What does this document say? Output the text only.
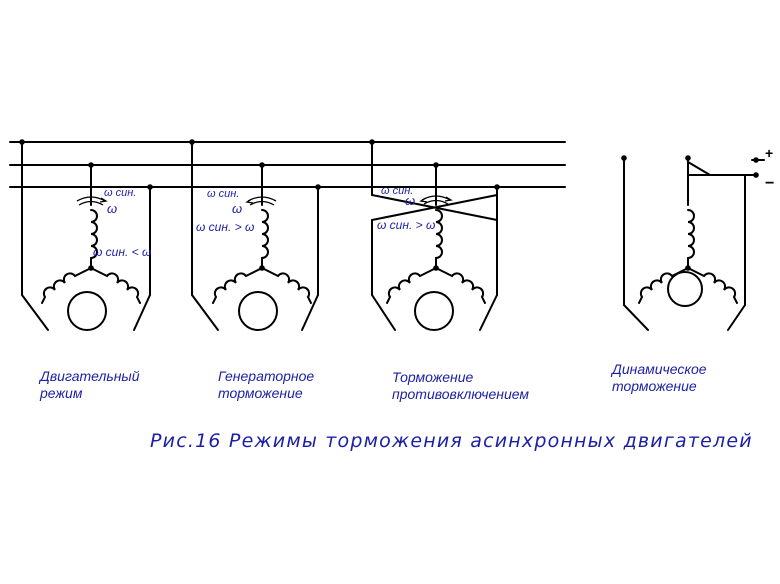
+
−
ω син.
ω
ω син. < ω
ω син.
ω
ω син. > ω
ω син.
ω
ω син. > ω
Двигательный
режим
Генераторное
торможение
Торможение
противовключением
Динамическое
торможение
Рис.16 Режимы торможения асинхронных двигателей
